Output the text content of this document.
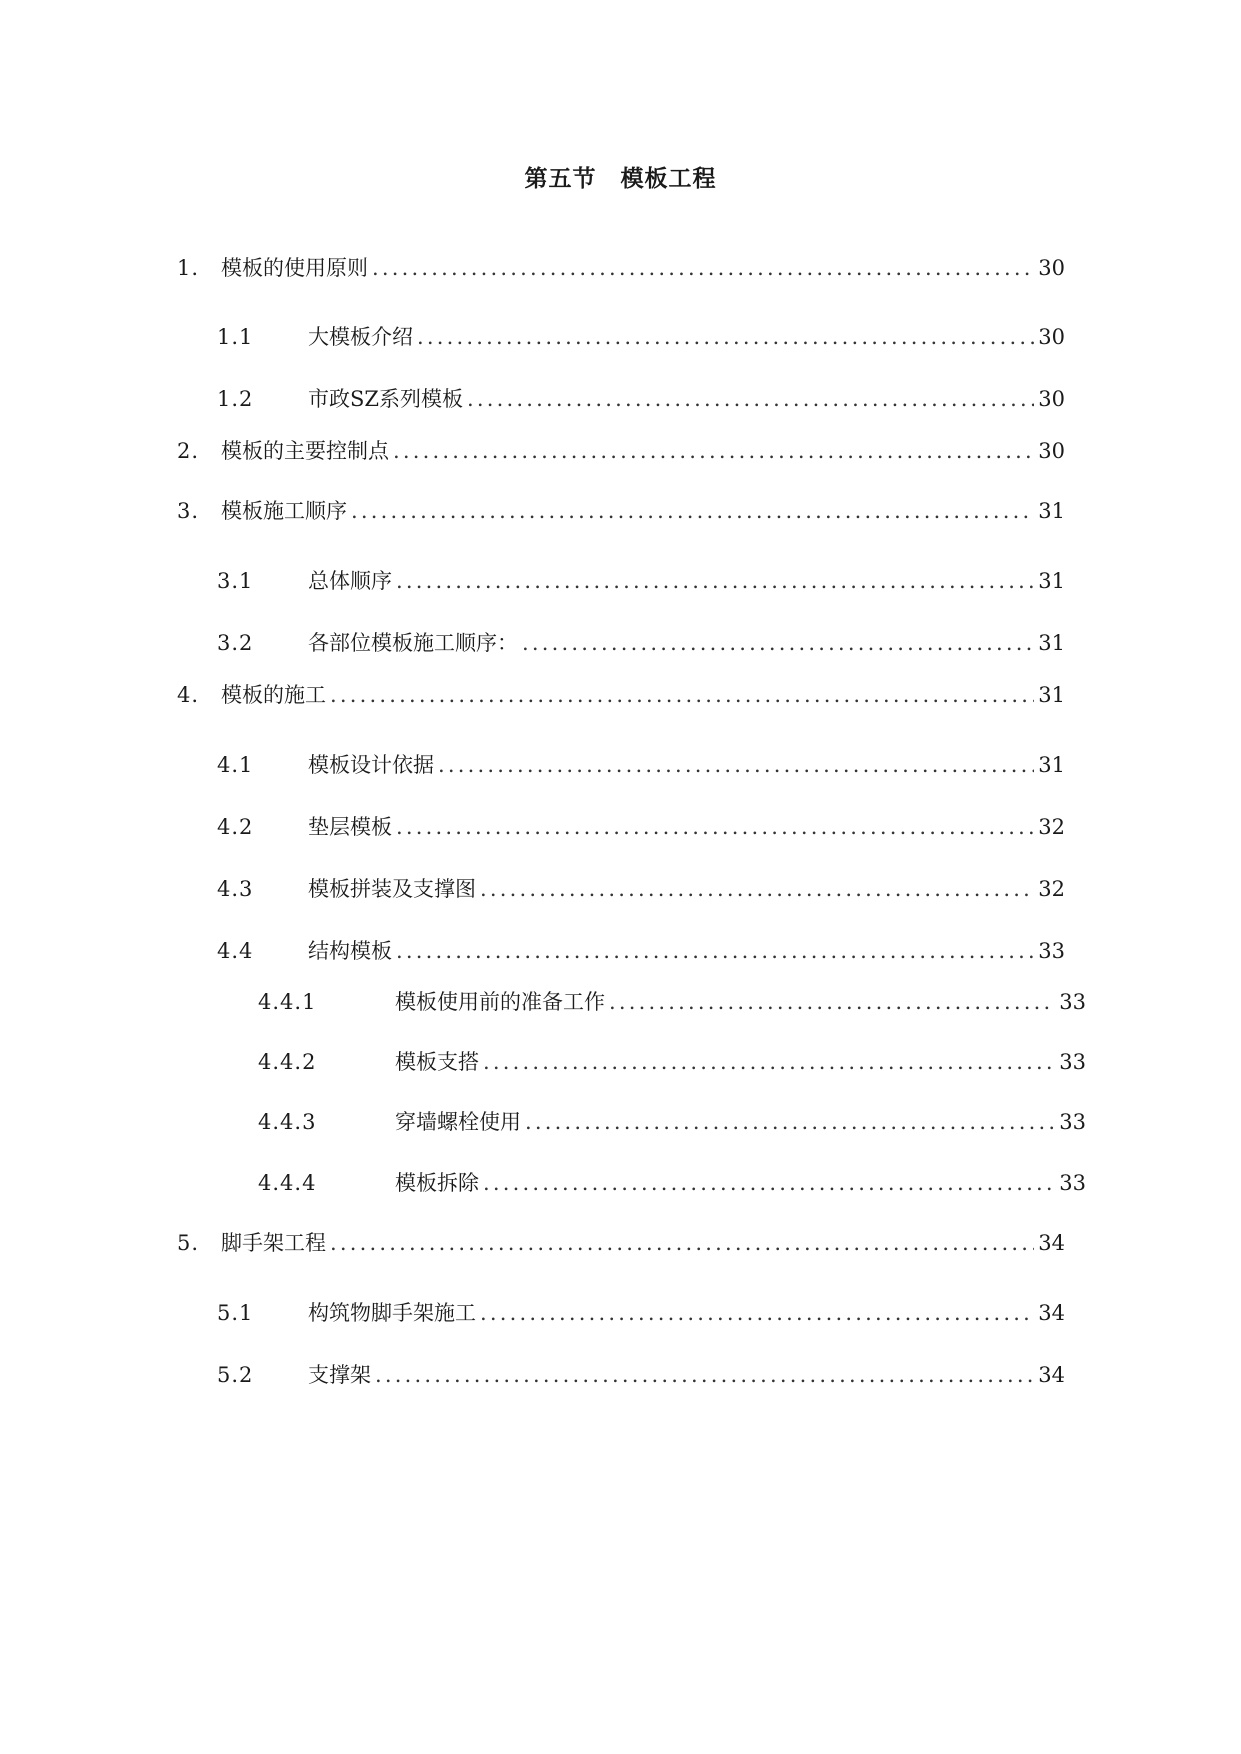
第五节　模板工程
1.	模板的使用原则 .....	30
1.1	大模板介绍 .....	30
1.2	市政SZ系列模板 .....	30
2.	模板的主要控制点 .....	30
3.	模板施工顺序 .....	31
3.1	总体顺序 .....	31
3.2	各部位模板施工顺序： .....	31
4.	模板的施工 .....	31
4.1	模板设计依据 .....	31
4.2	垫层模板 .....	32
4.3	模板拼装及支撑图 .....	32
4.4	结构模板 .....	33
4.4.1	模板使用前的准备工作 .....	33
4.4.2	模板支搭 .....	33
4.4.3	穿墙螺栓使用 .....	33
4.4.4	模板拆除 .....	33
5.	脚手架工程 .....	34
5.1	构筑物脚手架施工 .....	34
5.2	支撑架 .....	34
